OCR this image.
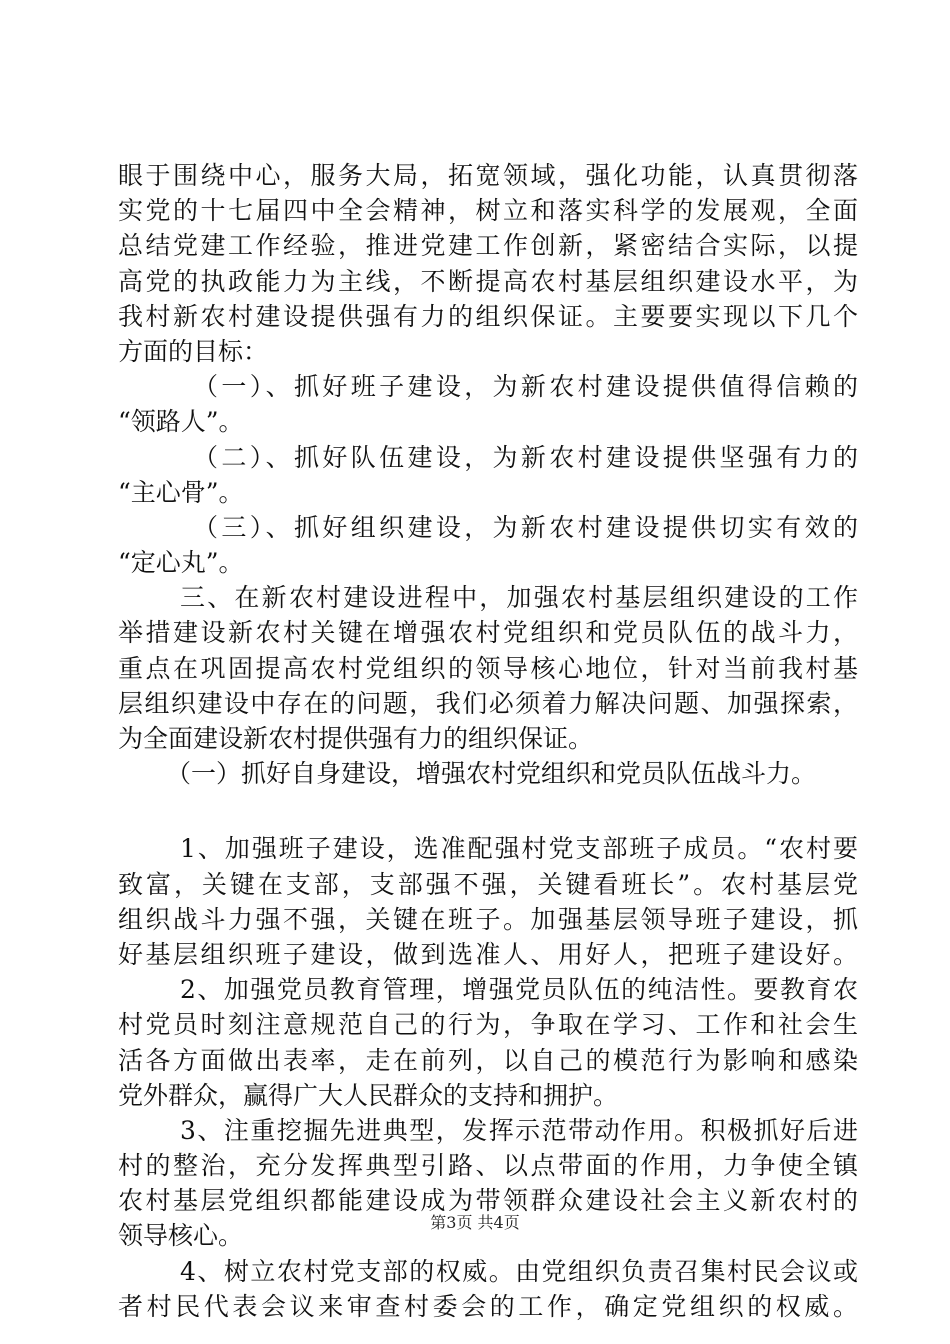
眼于围绕中心，服务大局，拓宽领域，强化功能，认真贯彻落
实党的十七届四中全会精神，树立和落实科学的发展观，全面
总结党建工作经验，推进党建工作创新，紧密结合实际，以提
高党的执政能力为主线，不断提高农村基层组织建设水平，为
我村新农村建设提供强有力的组织保证。主要要实现以下几个
方面的目标：
（一）、抓好班子建设，为新农村建设提供值得信赖的
“领路人”。
（二）、抓好队伍建设，为新农村建设提供坚强有力的
“主心骨”。
（三）、抓好组织建设，为新农村建设提供切实有效的
“定心丸”。
三、在新农村建设进程中，加强农村基层组织建设的工作
举措建设新农村关键在增强农村党组织和党员队伍的战斗力，
重点在巩固提高农村党组织的领导核心地位，针对当前我村基
层组织建设中存在的问题，我们必须着力解决问题、加强探索，
为全面建设新农村提供强有力的组织保证。
（一）抓好自身建设，增强农村党组织和党员队伍战斗力。
1、加强班子建设，选准配强村党支部班子成员。“农村要
致富，关键在支部，支部强不强，关键看班长”。农村基层党
组织战斗力强不强，关键在班子。加强基层领导班子建设，抓
好基层组织班子建设，做到选准人、用好人，把班子建设好。
2、加强党员教育管理，增强党员队伍的纯洁性。要教育农
村党员时刻注意规范自己的行为，争取在学习、工作和社会生
活各方面做出表率，走在前列，以自己的模范行为影响和感染
党外群众，赢得广大人民群众的支持和拥护。
3、注重挖掘先进典型，发挥示范带动作用。积极抓好后进
村的整治，充分发挥典型引路、以点带面的作用，力争使全镇
农村基层党组织都能建设成为带领群众建设社会主义新农村的
领导核心。
4、树立农村党支部的权威。由党组织负责召集村民会议或
者村民代表会议来审查村委会的工作，确定党组织的权威。
第3页 共4页
